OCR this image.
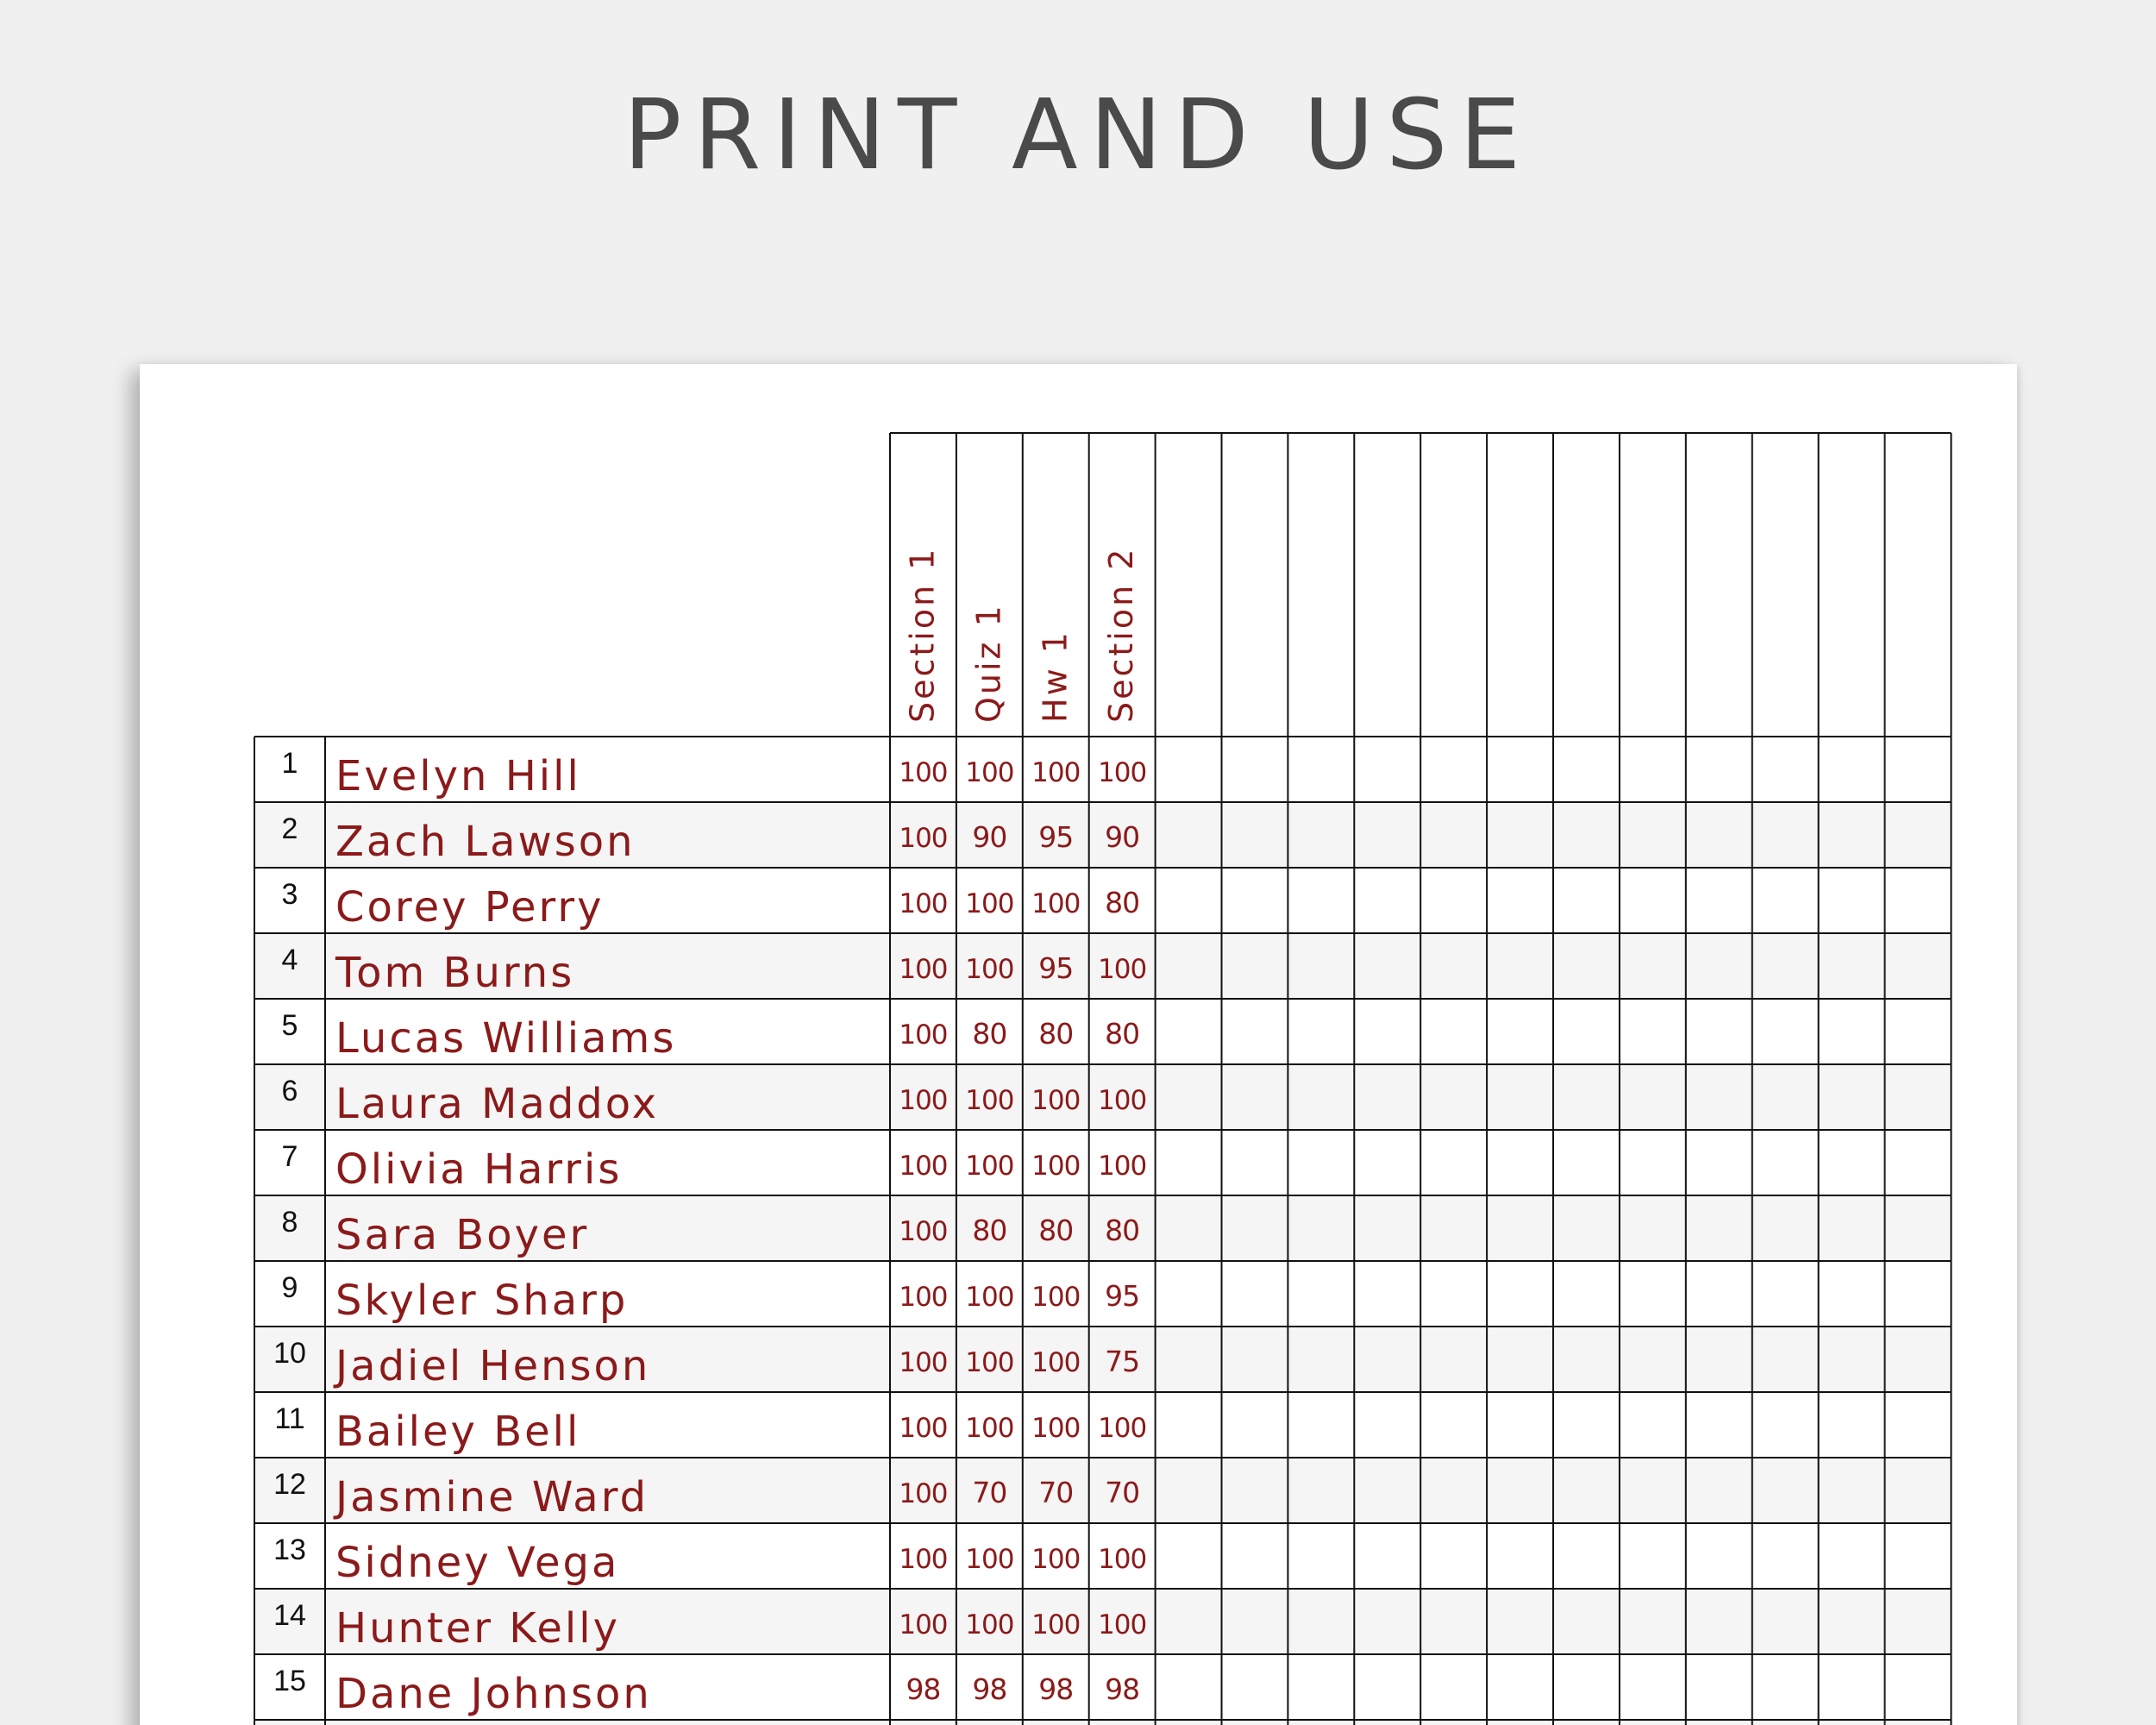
PRINT AND USE
Section 1 Quiz 1 Hw 1 Section 2
1 Evelyn Hill	100 100 100 100
2 Zach Lawson	100 90 95 90
3 Corey Perry	100 100 100 80
4 Tom Burns	100 100 95 100
5 Lucas Williams	100 80 80 80
6 Laura Maddox	100 100 100 100
7 Olivia Harris	100 100 100 100
8 Sara Boyer	100 80 80 80
9 Skyler Sharp	100 100 100 95
10 Jadiel Henson	100 100 100 75
11 Bailey Bell	100 100 100 100
12 Jasmine Ward	100 70 70 70
13 Sidney Vega	100 100 100 100
14 Hunter Kelly	100 100 100 100
15 Dane Johnson	98 98 98 98
